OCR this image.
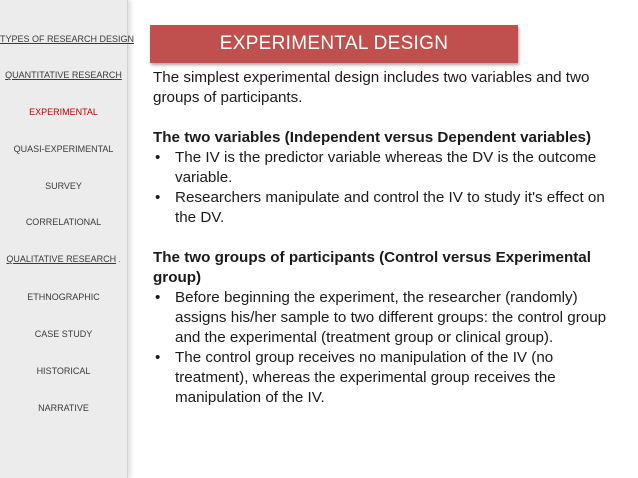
TYPES OF RESEARCH DESIGN
QUANTITATIVE RESEARCH
EXPERIMENTAL
QUASI-EXPERIMENTAL
SURVEY
CORRELATIONAL
QUALITATIVE RESEARCH .
ETHNOGRAPHIC
CASE STUDY
HISTORICAL
NARRATIVE
EXPERIMENTAL DESIGN

The simplest experimental design includes two variables and two groups of participants.

The two variables (Independent versus Dependent variables)

• The IV is the predictor variable whereas the DV is the outcome variable.
• Researchers manipulate and control the IV to study it's effect on the DV.

The two groups of participants (Control versus Experimental group)

• Before beginning the experiment, the researcher (randomly) assigns his/her sample to two different groups: the control group and the experimental (treatment group or clinical group).
• The control group receives no manipulation of the IV (no treatment), whereas the experimental group receives the manipulation of the IV.
